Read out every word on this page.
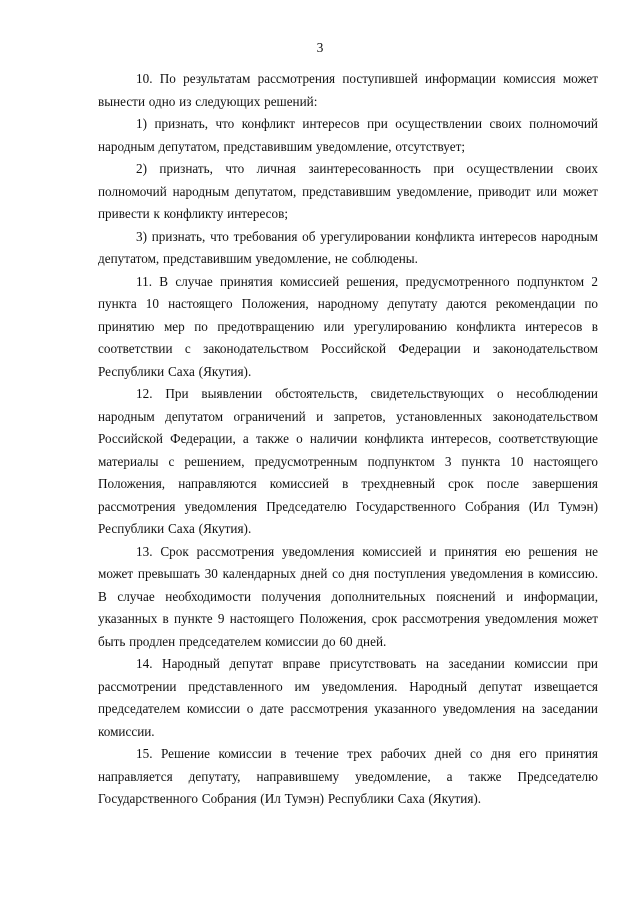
3

10. По результатам рассмотрения поступившей информации комиссия может вынести одно из следующих решений:

1) признать, что конфликт интересов при осуществлении своих полномочий народным депутатом, представившим уведомление, отсутствует;

2) признать, что личная заинтересованность при осуществлении своих полномочий народным депутатом, представившим уведомление, приводит или может привести к конфликту интересов;

3) признать, что требования об урегулировании конфликта интересов народным депутатом, представившим уведомление, не соблюдены.

11. В случае принятия комиссией решения, предусмотренного подпунктом 2 пункта 10 настоящего Положения, народному депутату даются рекомендации по принятию мер по предотвращению или урегулированию конфликта интересов в соответствии с законодательством Российской Федерации и законодательством Республики Саха (Якутия).

12. При выявлении обстоятельств, свидетельствующих о несоблюдении народным депутатом ограничений и запретов, установленных законодательством Российской Федерации, а также о наличии конфликта интересов, соответствующие материалы с решением, предусмотренным подпунктом 3 пункта 10 настоящего Положения, направляются комиссией в трехдневный срок после завершения рассмотрения уведомления Председателю Государственного Собрания (Ил Тумэн) Республики Саха (Якутия).

13. Срок рассмотрения уведомления комиссией и принятия ею решения не может превышать 30 календарных дней со дня поступления уведомления в комиссию. В случае необходимости получения дополнительных пояснений и информации, указанных в пункте 9 настоящего Положения, срок рассмотрения уведомления может быть продлен председателем комиссии до 60 дней.

14. Народный депутат вправе присутствовать на заседании комиссии при рассмотрении представленного им уведомления. Народный депутат извещается председателем комиссии о дате рассмотрения указанного уведомления на заседании комиссии.

15. Решение комиссии в течение трех рабочих дней со дня его принятия направляется депутату, направившему уведомление, а также Председателю Государственного Собрания (Ил Тумэн) Республики Саха (Якутия).
